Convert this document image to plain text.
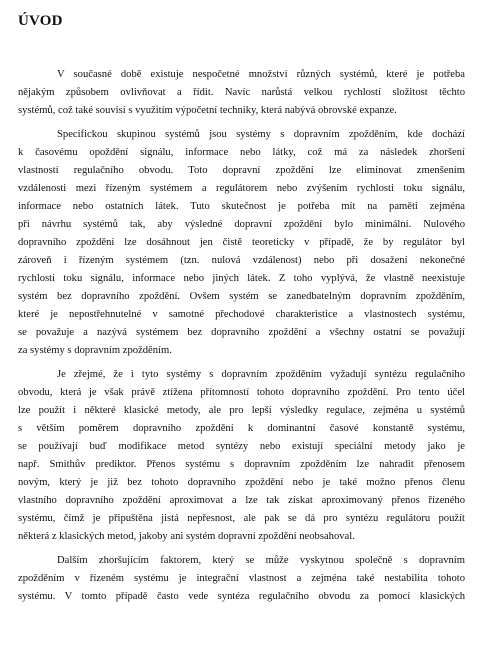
ÚVOD
V současné době existuje nespočetné množství různých systémů, které je potřeba
nějakým způsobem ovlivňovat a řídit. Navíc narůstá velkou rychlostí složitost těchto
systémů, což také souvisí s využitím výpočetní techniky, která nabývá obrovské expanze.
Specifickou skupinou systémů jsou systémy s dopravním zpožděním, kde dochází
k časovému opoždění signálu, informace nebo látky, což má za následek zhoršení
vlastností regulačního obvodu. Toto dopravní zpoždění lze eliminovat zmenšením
vzdálenosti mezi řízeným systémem a regulátorem nebo zvýšením rychlosti toku signálu,
informace nebo ostatních látek. Tuto skutečnost je potřeba mít na paměti zejména
při návrhu systémů tak, aby výsledné dopravní zpoždění bylo minimální. Nulového
dopravního zpoždění lze dosáhnout jen čistě teoreticky v případě, že by regulátor byl
zároveň i řízeným systémem (tzn. nulová vzdálenost) nebo při dosažení nekonečné
rychlosti toku signálu, informace nebo jiných látek. Z toho vyplývá, že vlastně neexistuje
systém bez dopravního zpoždění. Ovšem systém se zanedbatelným dopravním zpožděním,
které je nepostřehnutelné v samotné přechodové charakteristice a vlastnostech systému,
se považuje a nazývá systémem bez dopravního zpoždění a všechny ostatní se považují
za systémy s dopravním zpožděním.
Je zřejmé, že i tyto systémy s dopravním zpožděním vyžadují syntézu regulačního
obvodu, která je však právě ztížena přítomností tohoto dopravního zpoždění. Pro tento účel
lze použít i některé klasické metody, ale pro lepší výsledky regulace, zejména u systémů
s větším poměrem dopravního zpoždění k dominantní časové konstantě systému,
se používají buď modifikace metod syntézy nebo existují speciální metody jako je
např. Smithův prediktor. Přenos systému s dopravním zpožděním lze nahradit přenosem
novým, který je již bez tohoto dopravního zpoždění nebo je také možno přenos členu
vlastního dopravního zpoždění aproximovat a lze tak získat aproximovaný přenos řízeného
systému, čímž je připuštěna jistá nepřesnost, ale pak se dá pro syntézu regulátoru použít
některá z klasických metod, jakoby ani systém dopravní zpoždění neobsahoval.
Dalším zhoršujícím faktorem, který se může vyskytnou společně s dopravním
zpožděním v řízeném systému je integrační vlastnost a zejména také nestabilita tohoto
systému. V tomto případě často vede syntéza regulačního obvodu za pomocí klasických
